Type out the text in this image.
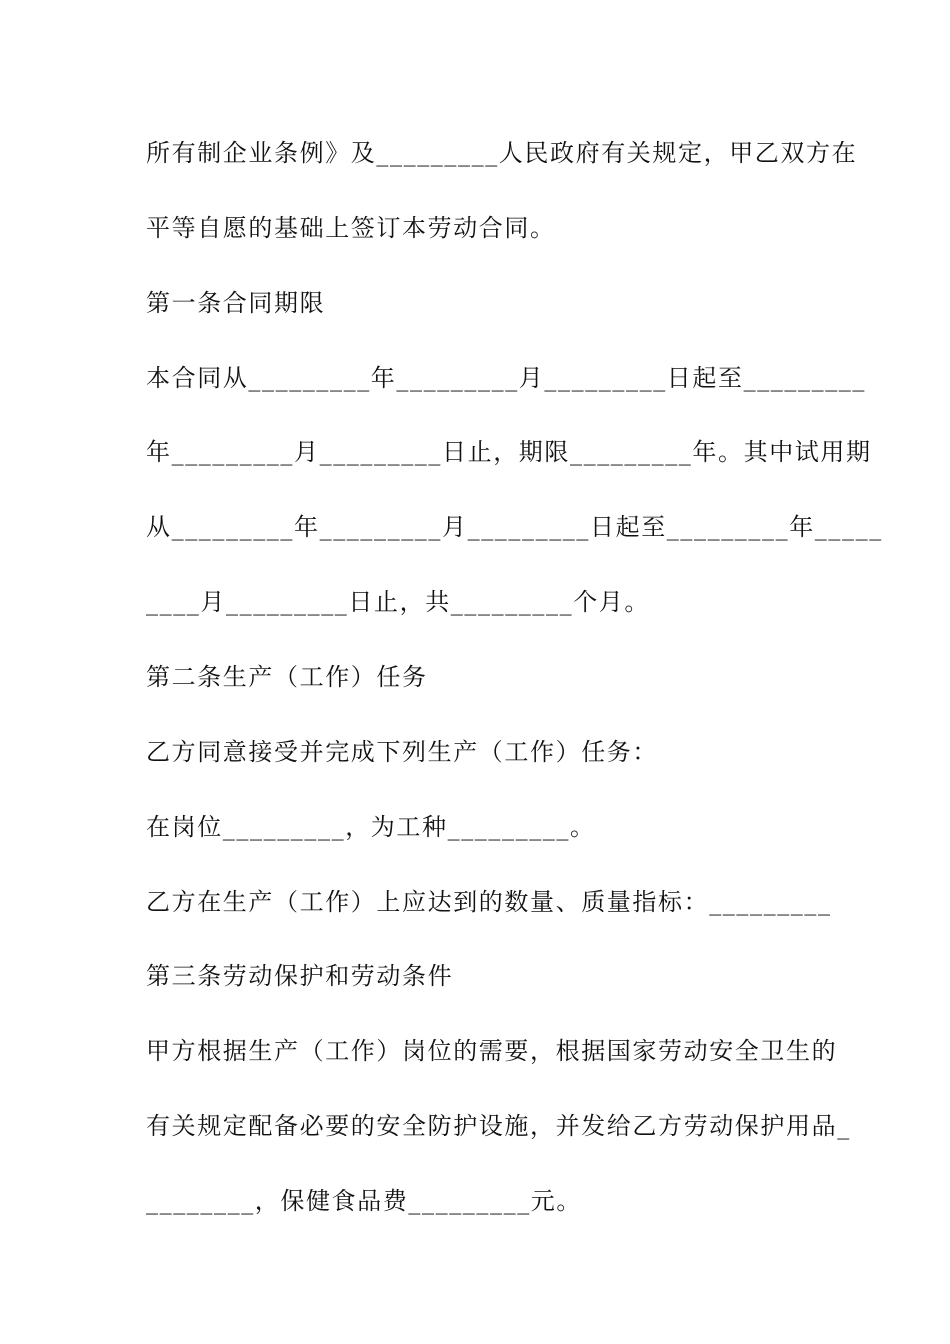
所有制企业条例》及_________人民政府有关规定，甲乙双方在
平等自愿的基础上签订本劳动合同。
第一条合同期限
本合同从_________年_________月_________日起至_________
年_________月_________日止，期限_________年。其中试用期
从_________年_________月_________日起至_________年_____
____月_________日止，共_________个月。
第二条生产（工作）任务
乙方同意接受并完成下列生产（工作）任务：
在岗位_________，为工种_________。
乙方在生产（工作）上应达到的数量、质量指标：_________
第三条劳动保护和劳动条件
甲方根据生产（工作）岗位的需要，根据国家劳动安全卫生的
有关规定配备必要的安全防护设施，并发给乙方劳动保护用品_
________，保健食品费_________元。
